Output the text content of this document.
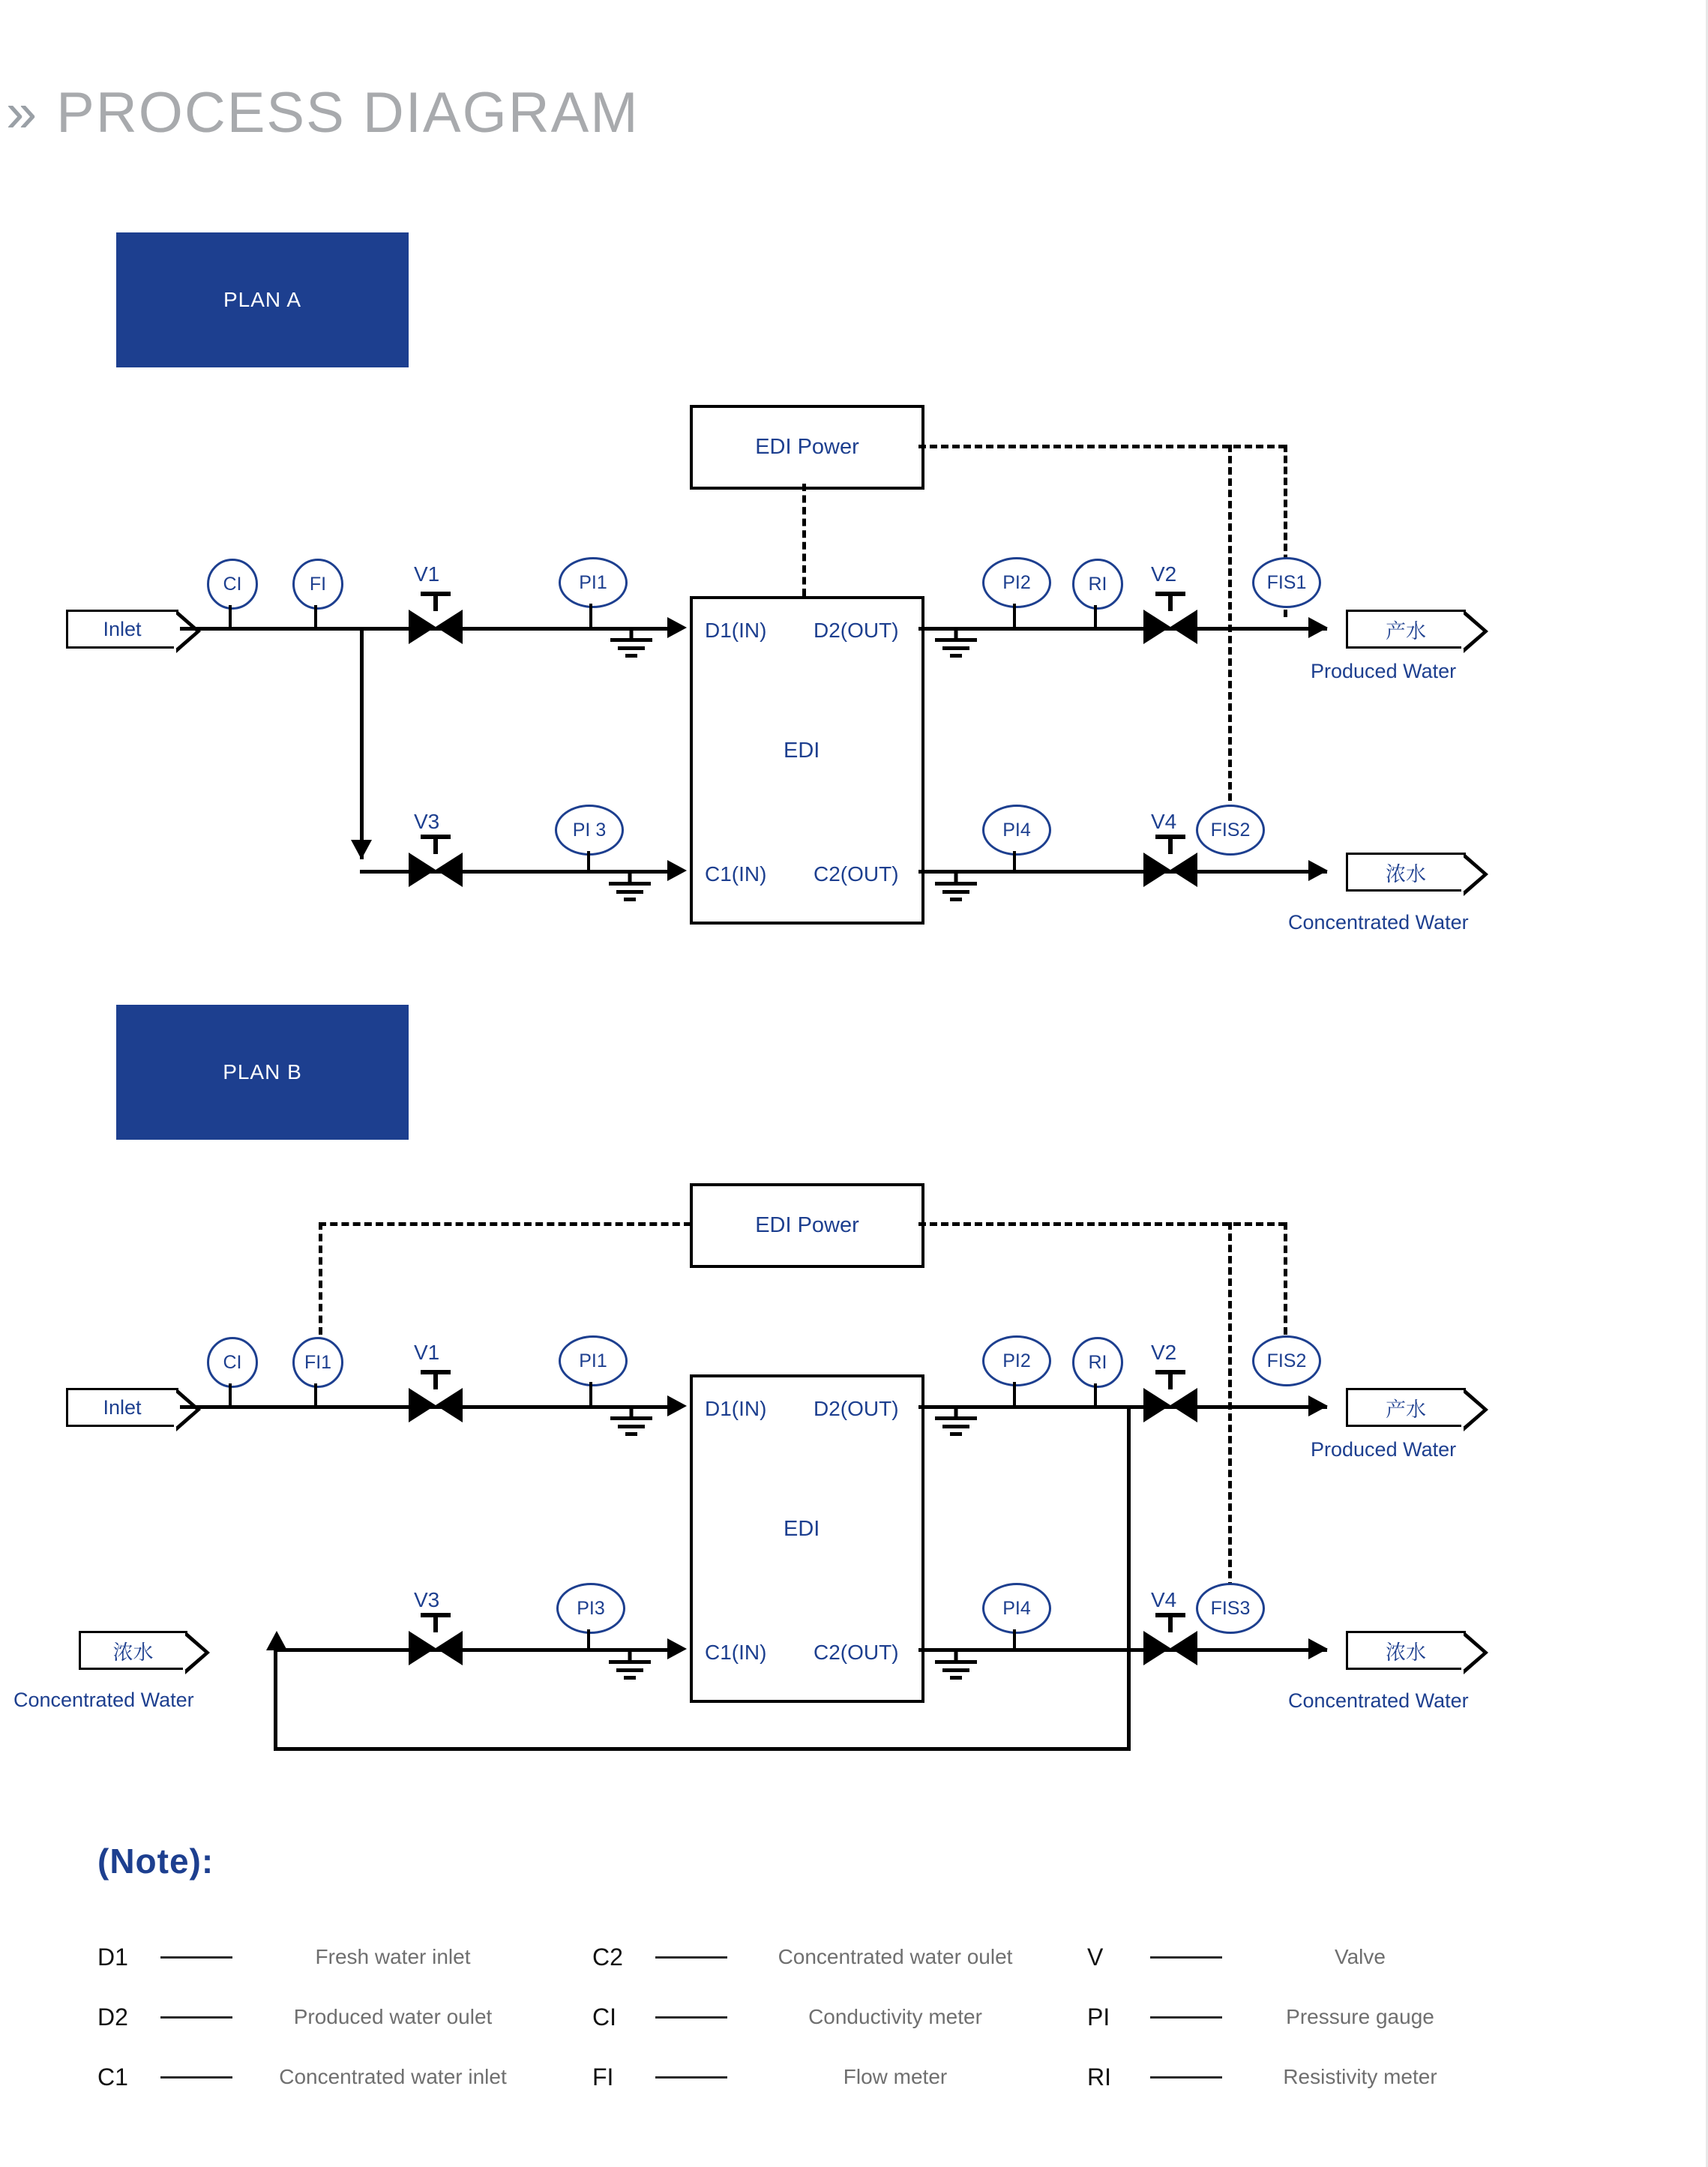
» PROCESS DIAGRAM
PLAN A
EDI Power
D1(IN) D2(OUT)
C1(IN) C2(OUT)
EDI
Inlet
CI	FI	V1	PI1	PI2	RI	V2	FIS1
产水
Produced Water
V3	PI 3	PI4	V4	FIS2
浓水
Concentrated Water
PLAN B
EDI Power
D1(IN) D2(OUT)
C1(IN) C2(OUT)
EDI
Inlet
CI	FI1	V1	PI1	PI2	RI	V2	FIS2
产水
Produced Water
浓水
Concentrated Water
V3	PI3	PI4	V4	FIS3
浓水
Concentrated Water
(Note):
D1	Fresh water inlet	C2	Concentrated water oulet	V	Valve
D2	Produced water oulet	CI	Conductivity meter	PI	Pressure gauge
C1	Concentrated water inlet	FI	Flow meter	RI	Resistivity meter
